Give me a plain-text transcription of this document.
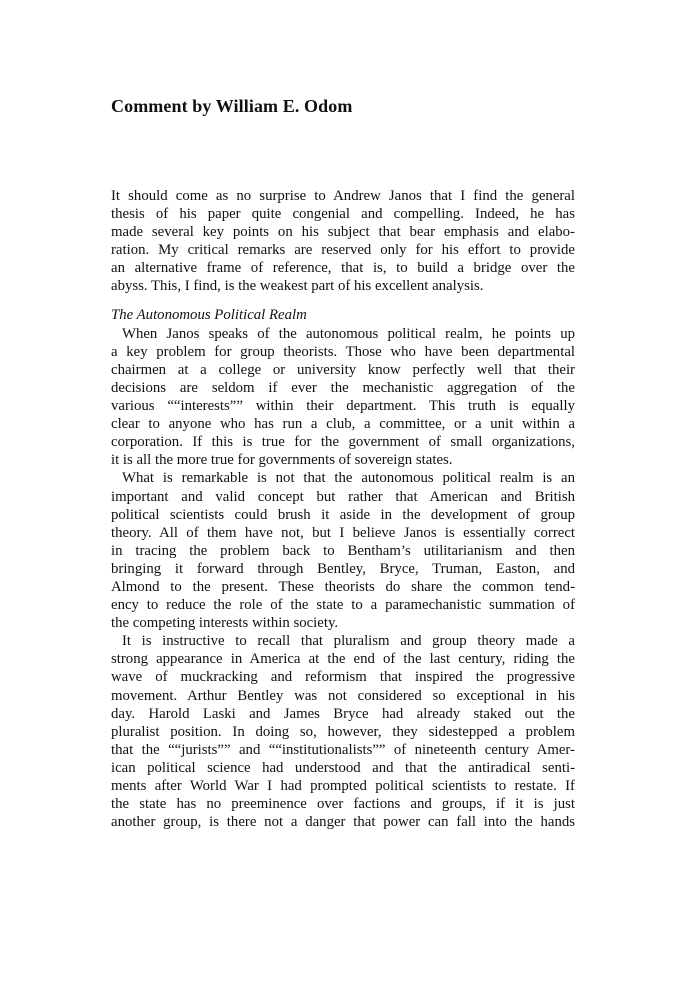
Comment by William E. Odom
It should come as no surprise to Andrew Janos that I find the general
thesis of his paper quite congenial and compelling. Indeed, he has
made several key points on his subject that bear emphasis and elabo-
ration. My critical remarks are reserved only for his effort to provide
an alternative frame of reference, that is, to build a bridge over the
abyss. This, I find, is the weakest part of his excellent analysis.
The Autonomous Political Realm
When Janos speaks of the autonomous political realm, he points up
a key problem for group theorists. Those who have been departmental
chairmen at a college or university know perfectly well that their
decisions are seldom if ever the mechanistic aggregation of the
various ““interests”” within their department. This truth is equally
clear to anyone who has run a club, a committee, or a unit within a
corporation. If this is true for the government of small organizations,
it is all the more true for governments of sovereign states.
What is remarkable is not that the autonomous political realm is an
important and valid concept but rather that American and British
political scientists could brush it aside in the development of group
theory. All of them have not, but I believe Janos is essentially correct
in tracing the problem back to Bentham’s utilitarianism and then
bringing it forward through Bentley, Bryce, Truman, Easton, and
Almond to the present. These theorists do share the common tend-
ency to reduce the role of the state to a paramechanistic summation of
the competing interests within society.
It is instructive to recall that pluralism and group theory made a
strong appearance in America at the end of the last century, riding the
wave of muckracking and reformism that inspired the progressive
movement. Arthur Bentley was not considered so exceptional in his
day. Harold Laski and James Bryce had already staked out the
pluralist position. In doing so, however, they sidestepped a problem
that the ““jurists”” and ““institutionalists”” of nineteenth century Amer-
ican political science had understood and that the antiradical senti-
ments after World War I had prompted political scientists to restate. If
the state has no preeminence over factions and groups, if it is just
another group, is there not a danger that power can fall into the hands
